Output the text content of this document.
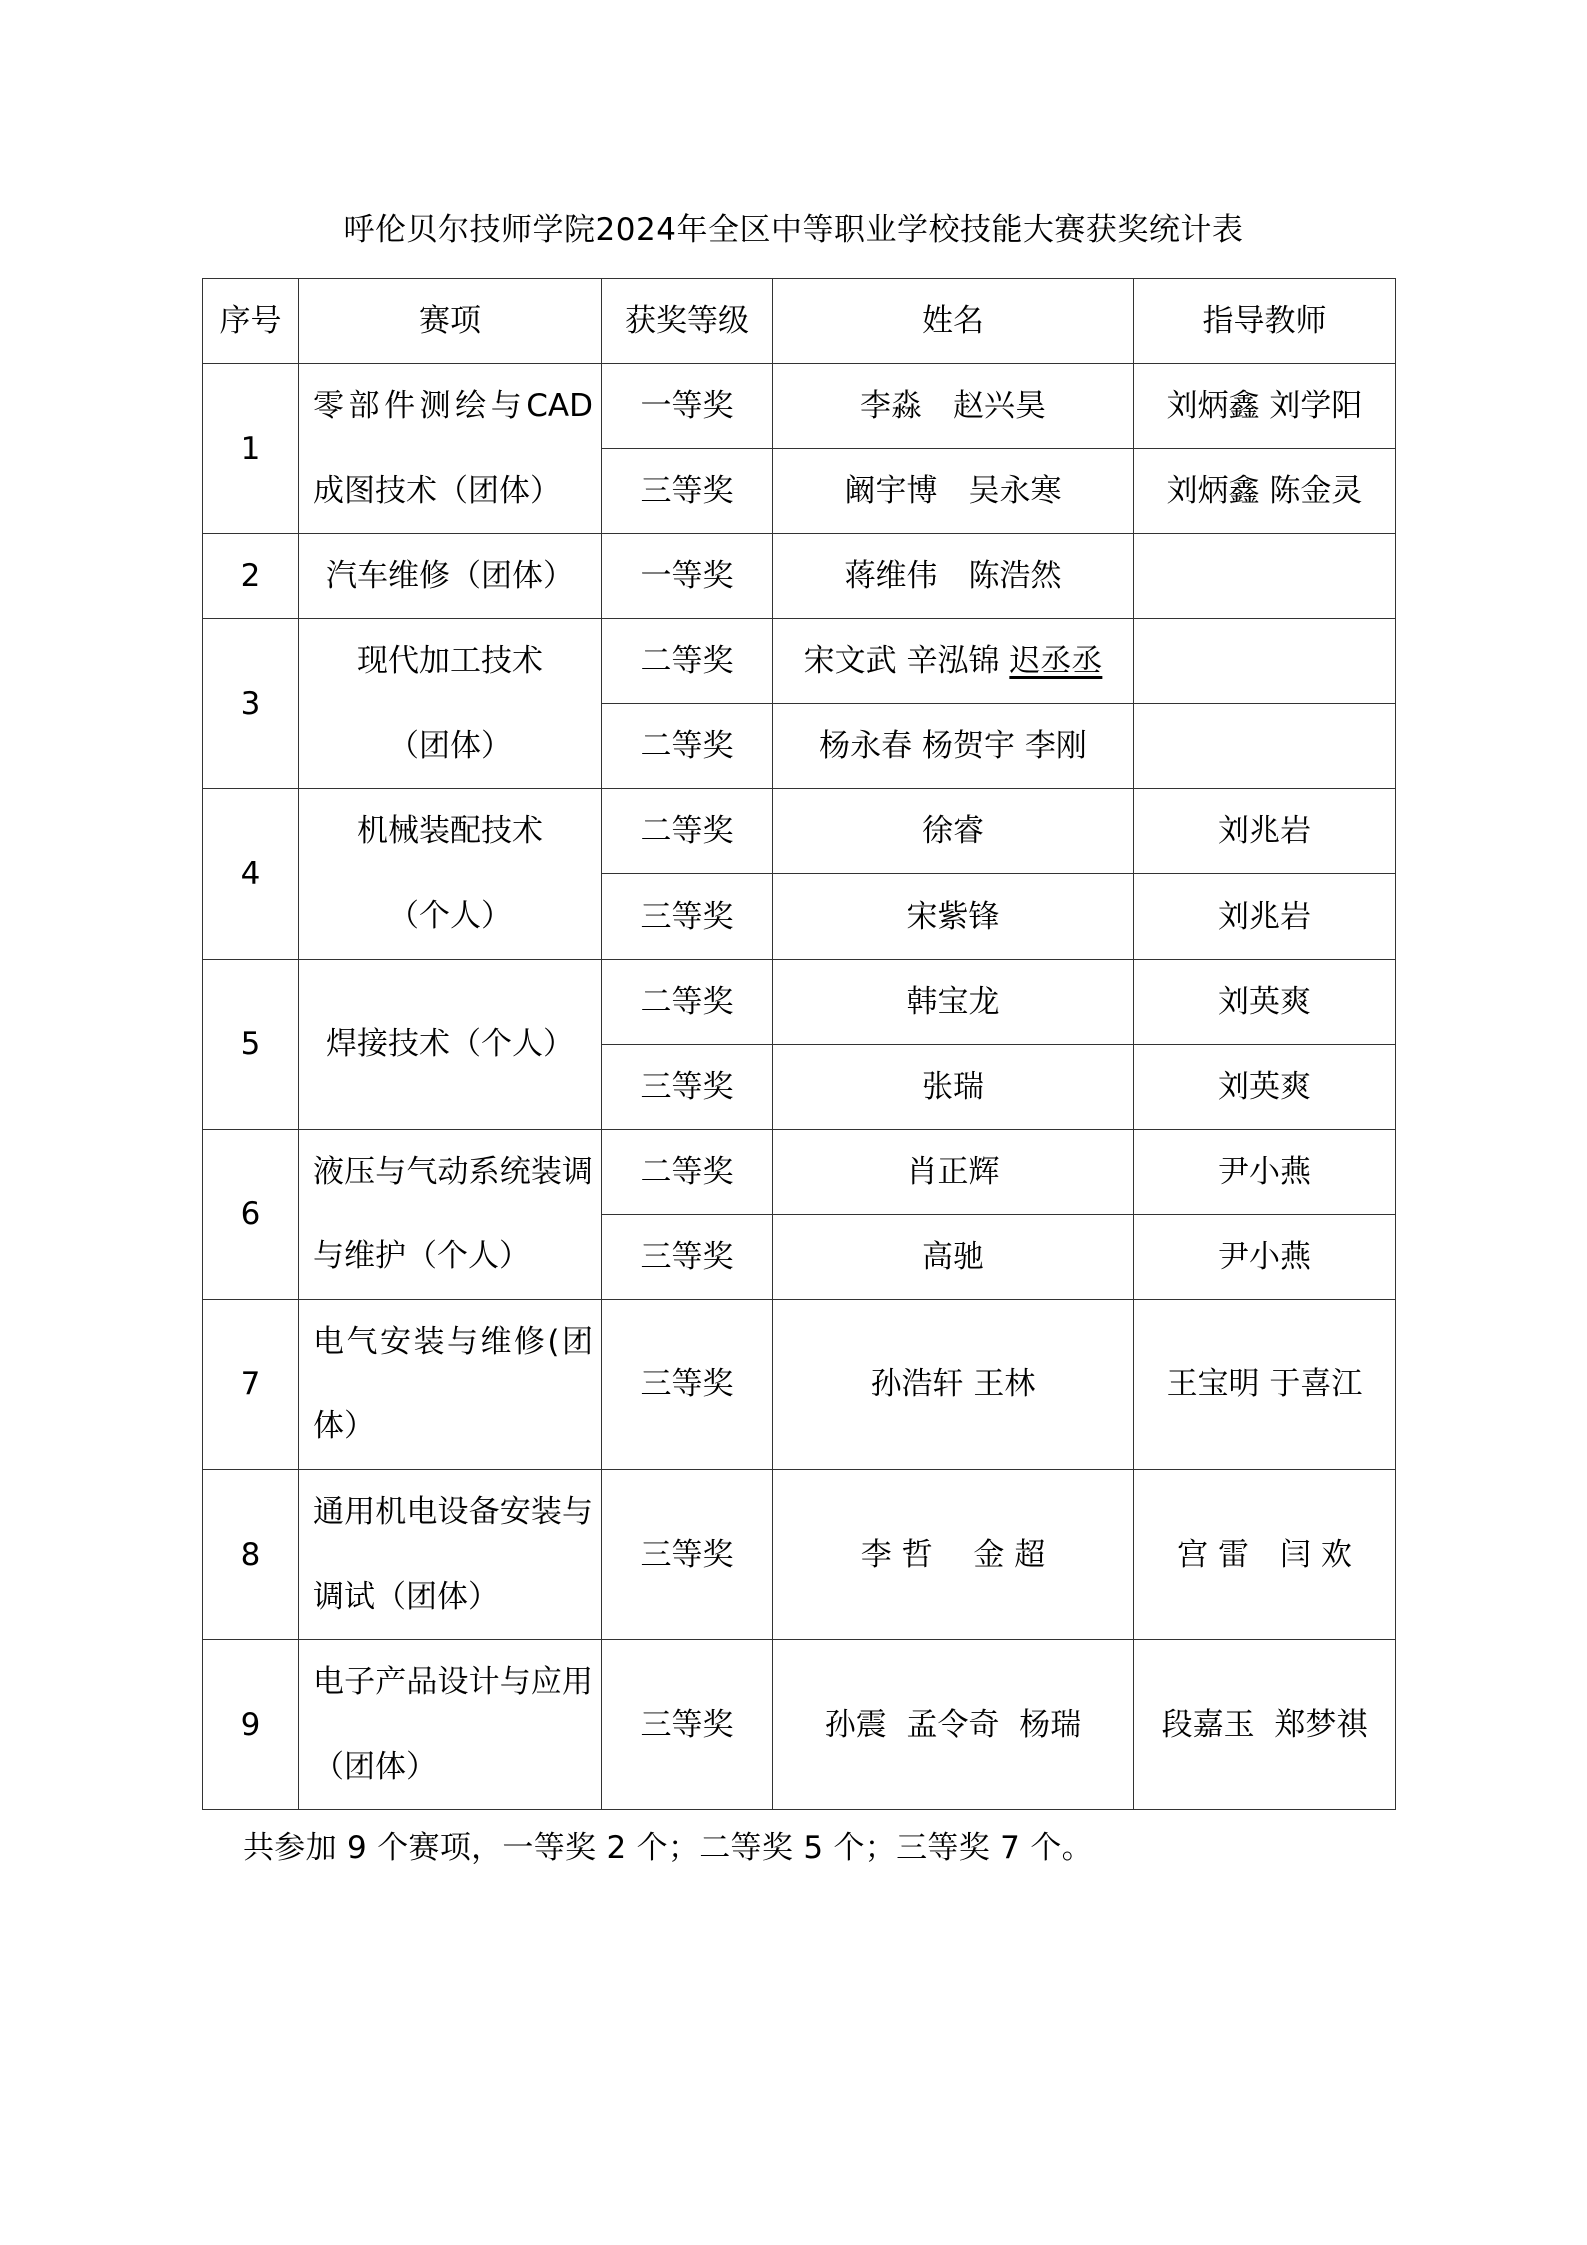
呼伦贝尔技师学院2024年全区中等职业学校技能大赛获奖统计表
序号	赛项	获奖等级	姓名	指导教师
1	零部件测绘与CAD成图技术（团体）	一等奖	李淼　赵兴昊	刘炳鑫 刘学阳
		三等奖	阚宇博　吴永寒	刘炳鑫 陈金灵
2	汽车维修（团体）	一等奖	蒋维伟　陈浩然	
3	现代加工技术（团体）	二等奖	宋文武 辛泓锦 迟丞丞	
		二等奖	杨永春 杨贺宇 李刚	
4	机械装配技术（个人）	二等奖	徐睿	刘兆岩
		三等奖	宋紫锋	刘兆岩
5	焊接技术（个人）	二等奖	韩宝龙	刘英爽
		三等奖	张瑞	刘英爽
6	液压与气动系统装调与维护（个人）	二等奖	肖正辉	尹小燕
		三等奖	高驰	尹小燕
7	电气安装与维修(团体）	三等奖	孙浩轩 王林	王宝明 于喜江
8	通用机电设备安装与调试（团体）	三等奖	李 哲　 金 超	宫 雷　闫 欢
9	电子产品设计与应用（团体）	三等奖	孙震  孟令奇  杨瑞	段嘉玉  郑梦祺
共参加 9 个赛项，一等奖 2 个；二等奖 5 个；三等奖 7 个。
